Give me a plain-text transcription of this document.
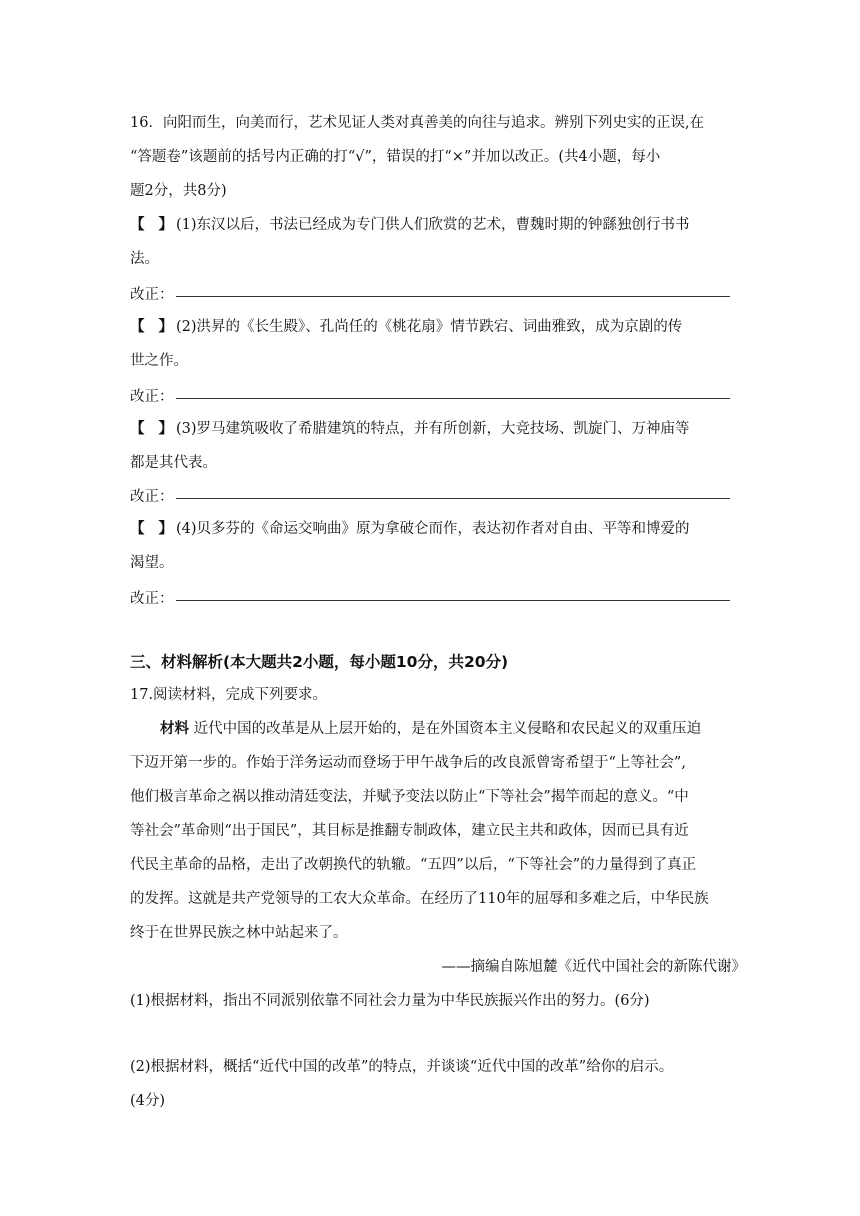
16．向阳而生，向美而行，艺术见证人类对真善美的向往与追求。辨别下列史实的正误,在
“答题卷”该题前的括号内正确的打“√”，错误的打“×”并加以改正。(共4小题，每小
题2分，共8分)
【 】 (1)东汉以后，书法已经成为专门供人们欣赏的艺术，曹魏时期的钟繇独创行书书
法。
改正：
【 】 (2)洪昇的《长生殿》、孔尚任的《桃花扇》情节跌宕、词曲雅致，成为京剧的传
世之作。
改正：
【 】 (3)罗马建筑吸收了希腊建筑的特点，并有所创新，大竞技场、凯旋门、万神庙等
都是其代表。
改正：
【 】 (4)贝多芬的《命运交响曲》原为拿破仑而作，表达初作者对自由、平等和博爱的
渴望。
改正：
三、材料解析(本大题共2小题，每小题10分，共20分)
17.阅读材料，完成下列要求。
材料 近代中国的改革是从上层开始的，是在外国资本主义侵略和农民起义的双重压迫
下迈开第一步的。作始于洋务运动而登场于甲午战争后的改良派曾寄希望于“上等社会”,
他们极言革命之祸以推动清廷变法，并赋予变法以防止“下等社会”揭竿而起的意义。“中
等社会”革命则“出于国民”，其目标是推翻专制政体，建立民主共和政体，因而已具有近
代民主革命的品格，走出了改朝换代的轨辙。“五四”以后，“下等社会”的力量得到了真正
的发挥。这就是共产党领导的工农大众革命。在经历了110年的屈辱和多难之后，中华民族
终于在世界民族之林中站起来了。
——摘编自陈旭麓《近代中国社会的新陈代谢》
(1)根据材料，指出不同派别依靠不同社会力量为中华民族振兴作出的努力。(6分)
(2)根据材料，概括“近代中国的改革”的特点，并谈谈“近代中国的改革”给你的启示。
(4分)
